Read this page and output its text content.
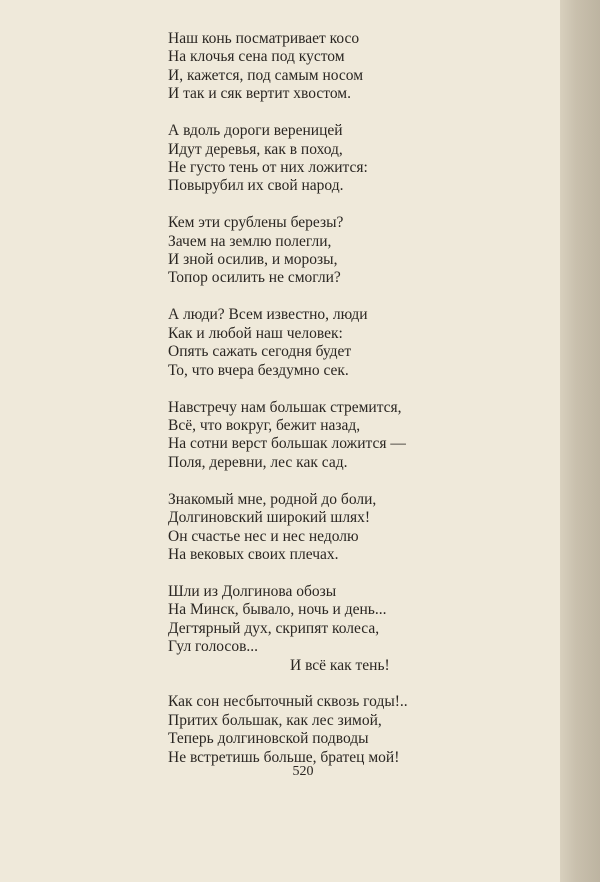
Наш конь посматривает косо
На клочья сена под кустом
И, кажется, под самым носом
И так и сяк вертит хвостом.
А вдоль дороги вереницей
Идут деревья, как в поход,
Не густо тень от них ложится:
Повырубил их свой народ.
Кем эти срублены березы?
Зачем на землю полегли,
И зной осилив, и морозы,
Топор осилить не смогли?
А люди? Всем известно, люди
Как и любой наш человек:
Опять сажать сегодня будет
То, что вчера бездумно сек.
Навстречу нам большак стремится,
Всё, что вокруг, бежит назад,
На сотни верст большак ложится —
Поля, деревни, лес как сад.
Знакомый мне, родной до боли,
Долгиновский широкий шлях!
Он счастье нес и нес недолю
На вековых своих плечах.
Шли из Долгинова обозы
На Минск, бывало, ночь и день...
Дегтярный дух, скрипят колеса,
Гул голосов...
И всё как тень!
Как сон несбыточный сквозь годы!..
Притих большак, как лес зимой,
Теперь долгиновской подводы
Не встретишь больше, братец мой!
520
